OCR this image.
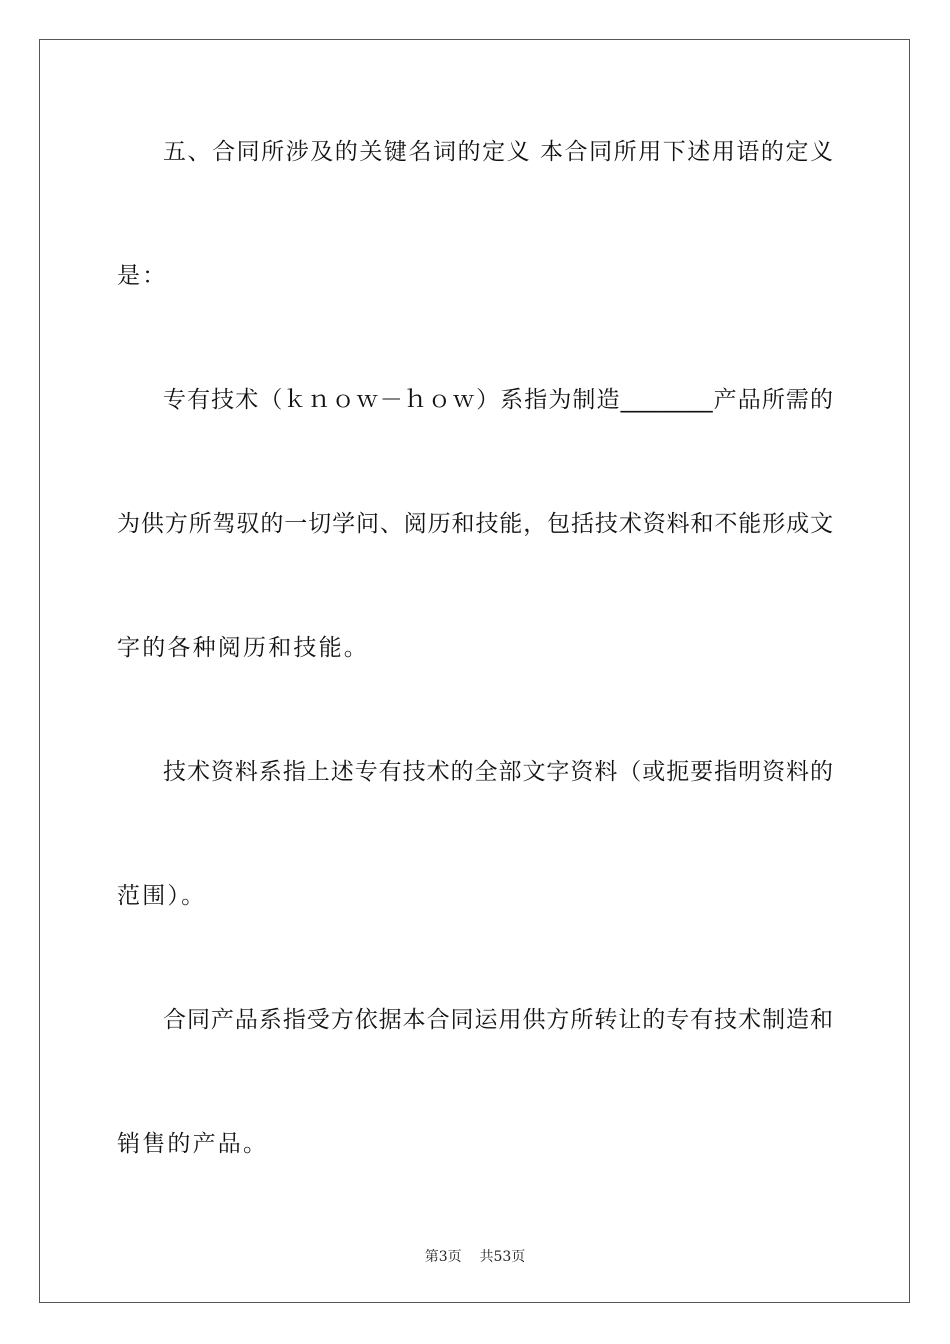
五、合同所涉及的关键名词的定义 本合同所用下述用语的定义
是：
专有技术（ｋｎｏｗ－ｈｏｗ）系指为制造________产品所需的
为供方所驾驭的一切学问、阅历和技能，包括技术资料和不能形成文
字的各种阅历和技能。
技术资料系指上述专有技术的全部文字资料（或扼要指明资料的
范围）。
合同产品系指受方依据本合同运用供方所转让的专有技术制造和
销售的产品。
第3页 共53页
